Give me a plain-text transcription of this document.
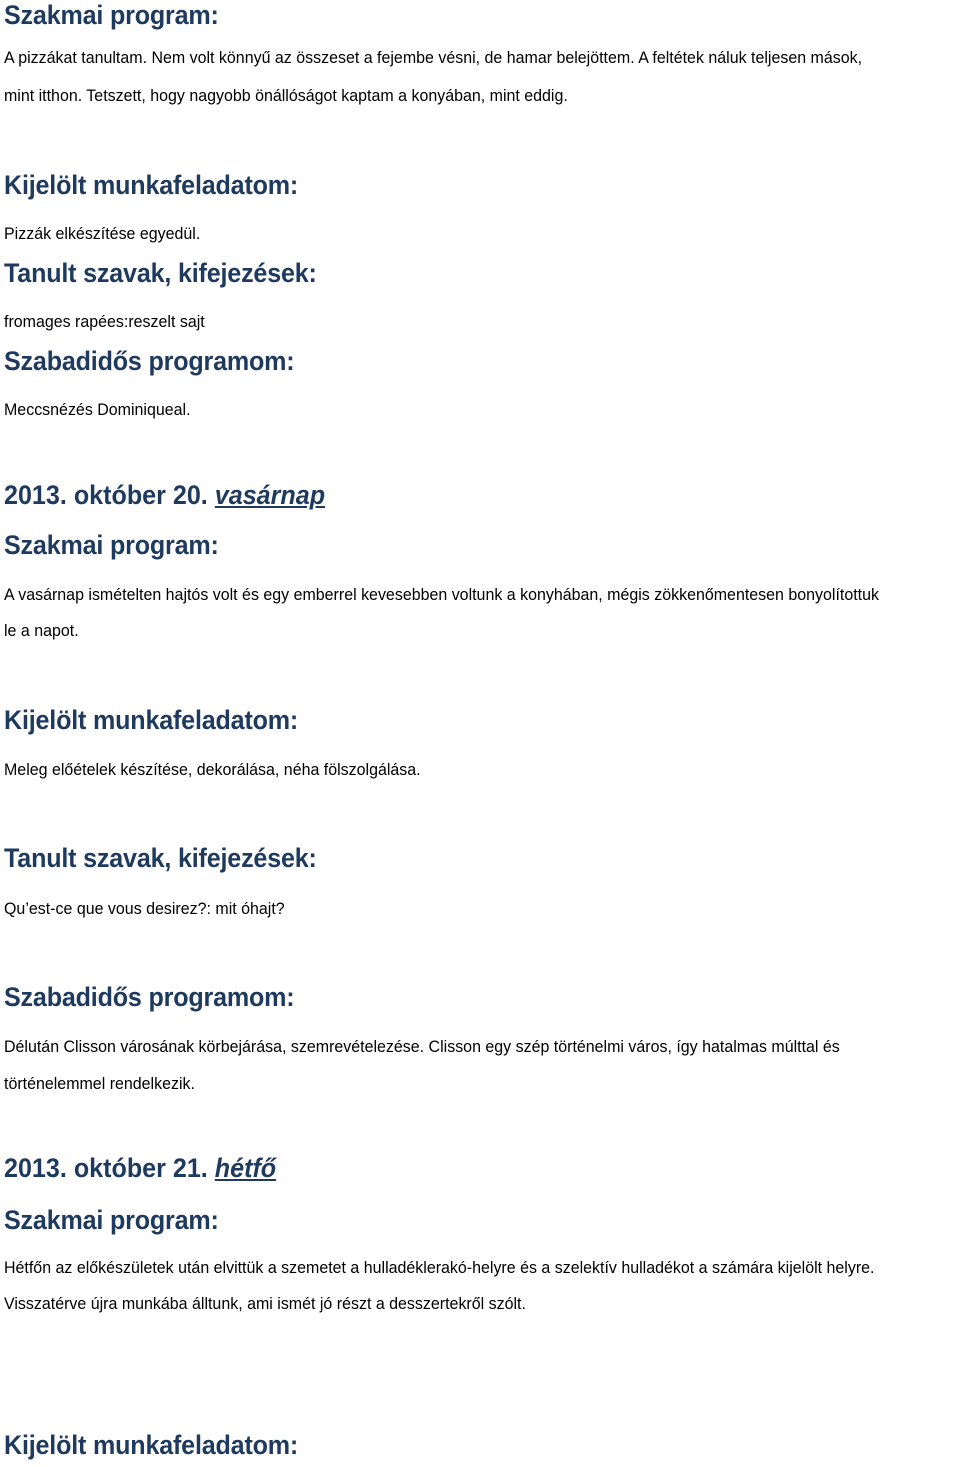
Szakmai program:

A pizzákat tanultam. Nem volt könnyű az összeset a fejembe vésni, de hamar belejöttem. A feltétek náluk teljesen mások,

mint itthon. Tetszett, hogy nagyobb önállóságot kaptam a konyában, mint eddig.

Kijelölt munkafeladatom:

Pizzák elkészítése egyedül.

Tanult szavak, kifejezések:

fromages rapées:reszelt sajt

Szabadidős programom:

Meccsnézés Dominiqueal.

2013. október 20. vasárnap
Szakmai program:

A vasárnap ismételten hajtós volt és egy emberrel kevesebben voltunk a konyhában, mégis zökkenőmentesen bonyolítottuk

le a napot.

Kijelölt munkafeladatom:

Meleg előételek készítése, dekorálása, néha fölszolgálása.

Tanult szavak, kifejezések:

Qu’est-ce que vous desirez?: mit óhajt?

Szabadidős programom:

Délután Clisson városának körbejárása, szemrevételezése. Clisson egy szép történelmi város, így hatalmas múlttal és

történelemmel rendelkezik.

2013. október 21. hétfő
Szakmai program:

Hétfőn az előkészületek után elvittük a szemetet a hulladéklerakó-helyre és a szelektív hulladékot a számára kijelölt helyre.

Visszatérve újra munkába álltunk, ami ismét jó részt a desszertekről szólt.

Kijelölt munkafeladatom:
